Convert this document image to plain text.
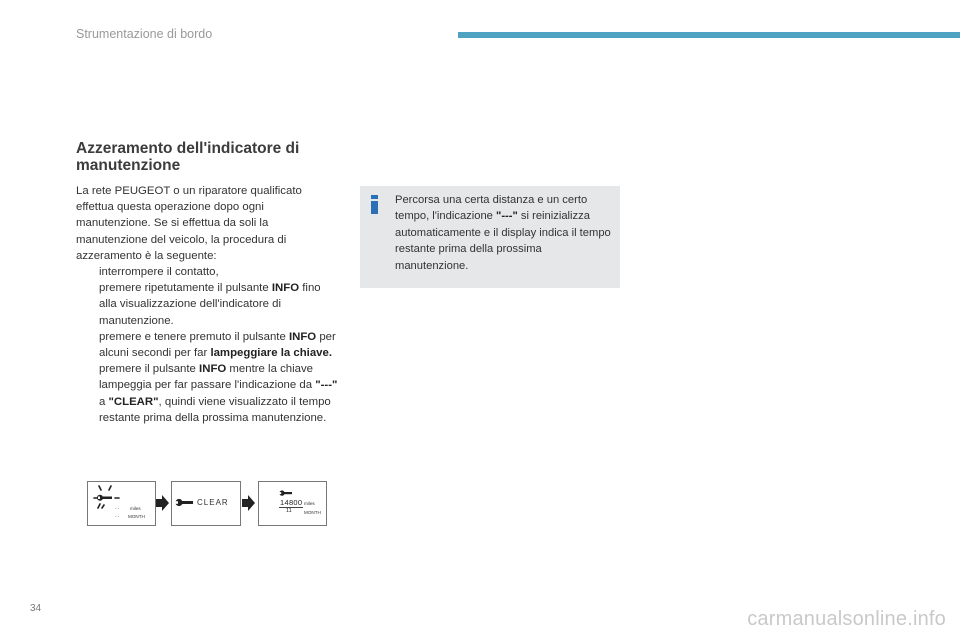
Strumentazione di bordo
Azzeramento dell'indicatore di manutenzione
La rete PEUGEOT o un riparatore qualificato effettua questa operazione dopo ogni manutenzione. Se si effettua da soli la manutenzione del veicolo, la procedura di azzeramento è la seguente:
interrompere il contatto,
premere ripetutamente il pulsante INFO fino alla visualizzazione dell'indicatore di manutenzione.
premere e tenere premuto il pulsante INFO per alcuni secondi per far lampeggiare la chiave.
premere il pulsante INFO mentre la chiave lampeggia per far passare l'indicazione da "---" a "CLEAR", quindi viene visualizzato il tempo restante prima della prossima manutenzione.
Percorsa una certa distanza e un certo tempo, l'indicazione "---" si reinizializza automaticamente e il display indica il tempo restante prima della prossima manutenzione.
- - miles
- - MONTH
CLEAR	14800 miles
11	MONTH
34	carmanualsonline.info
